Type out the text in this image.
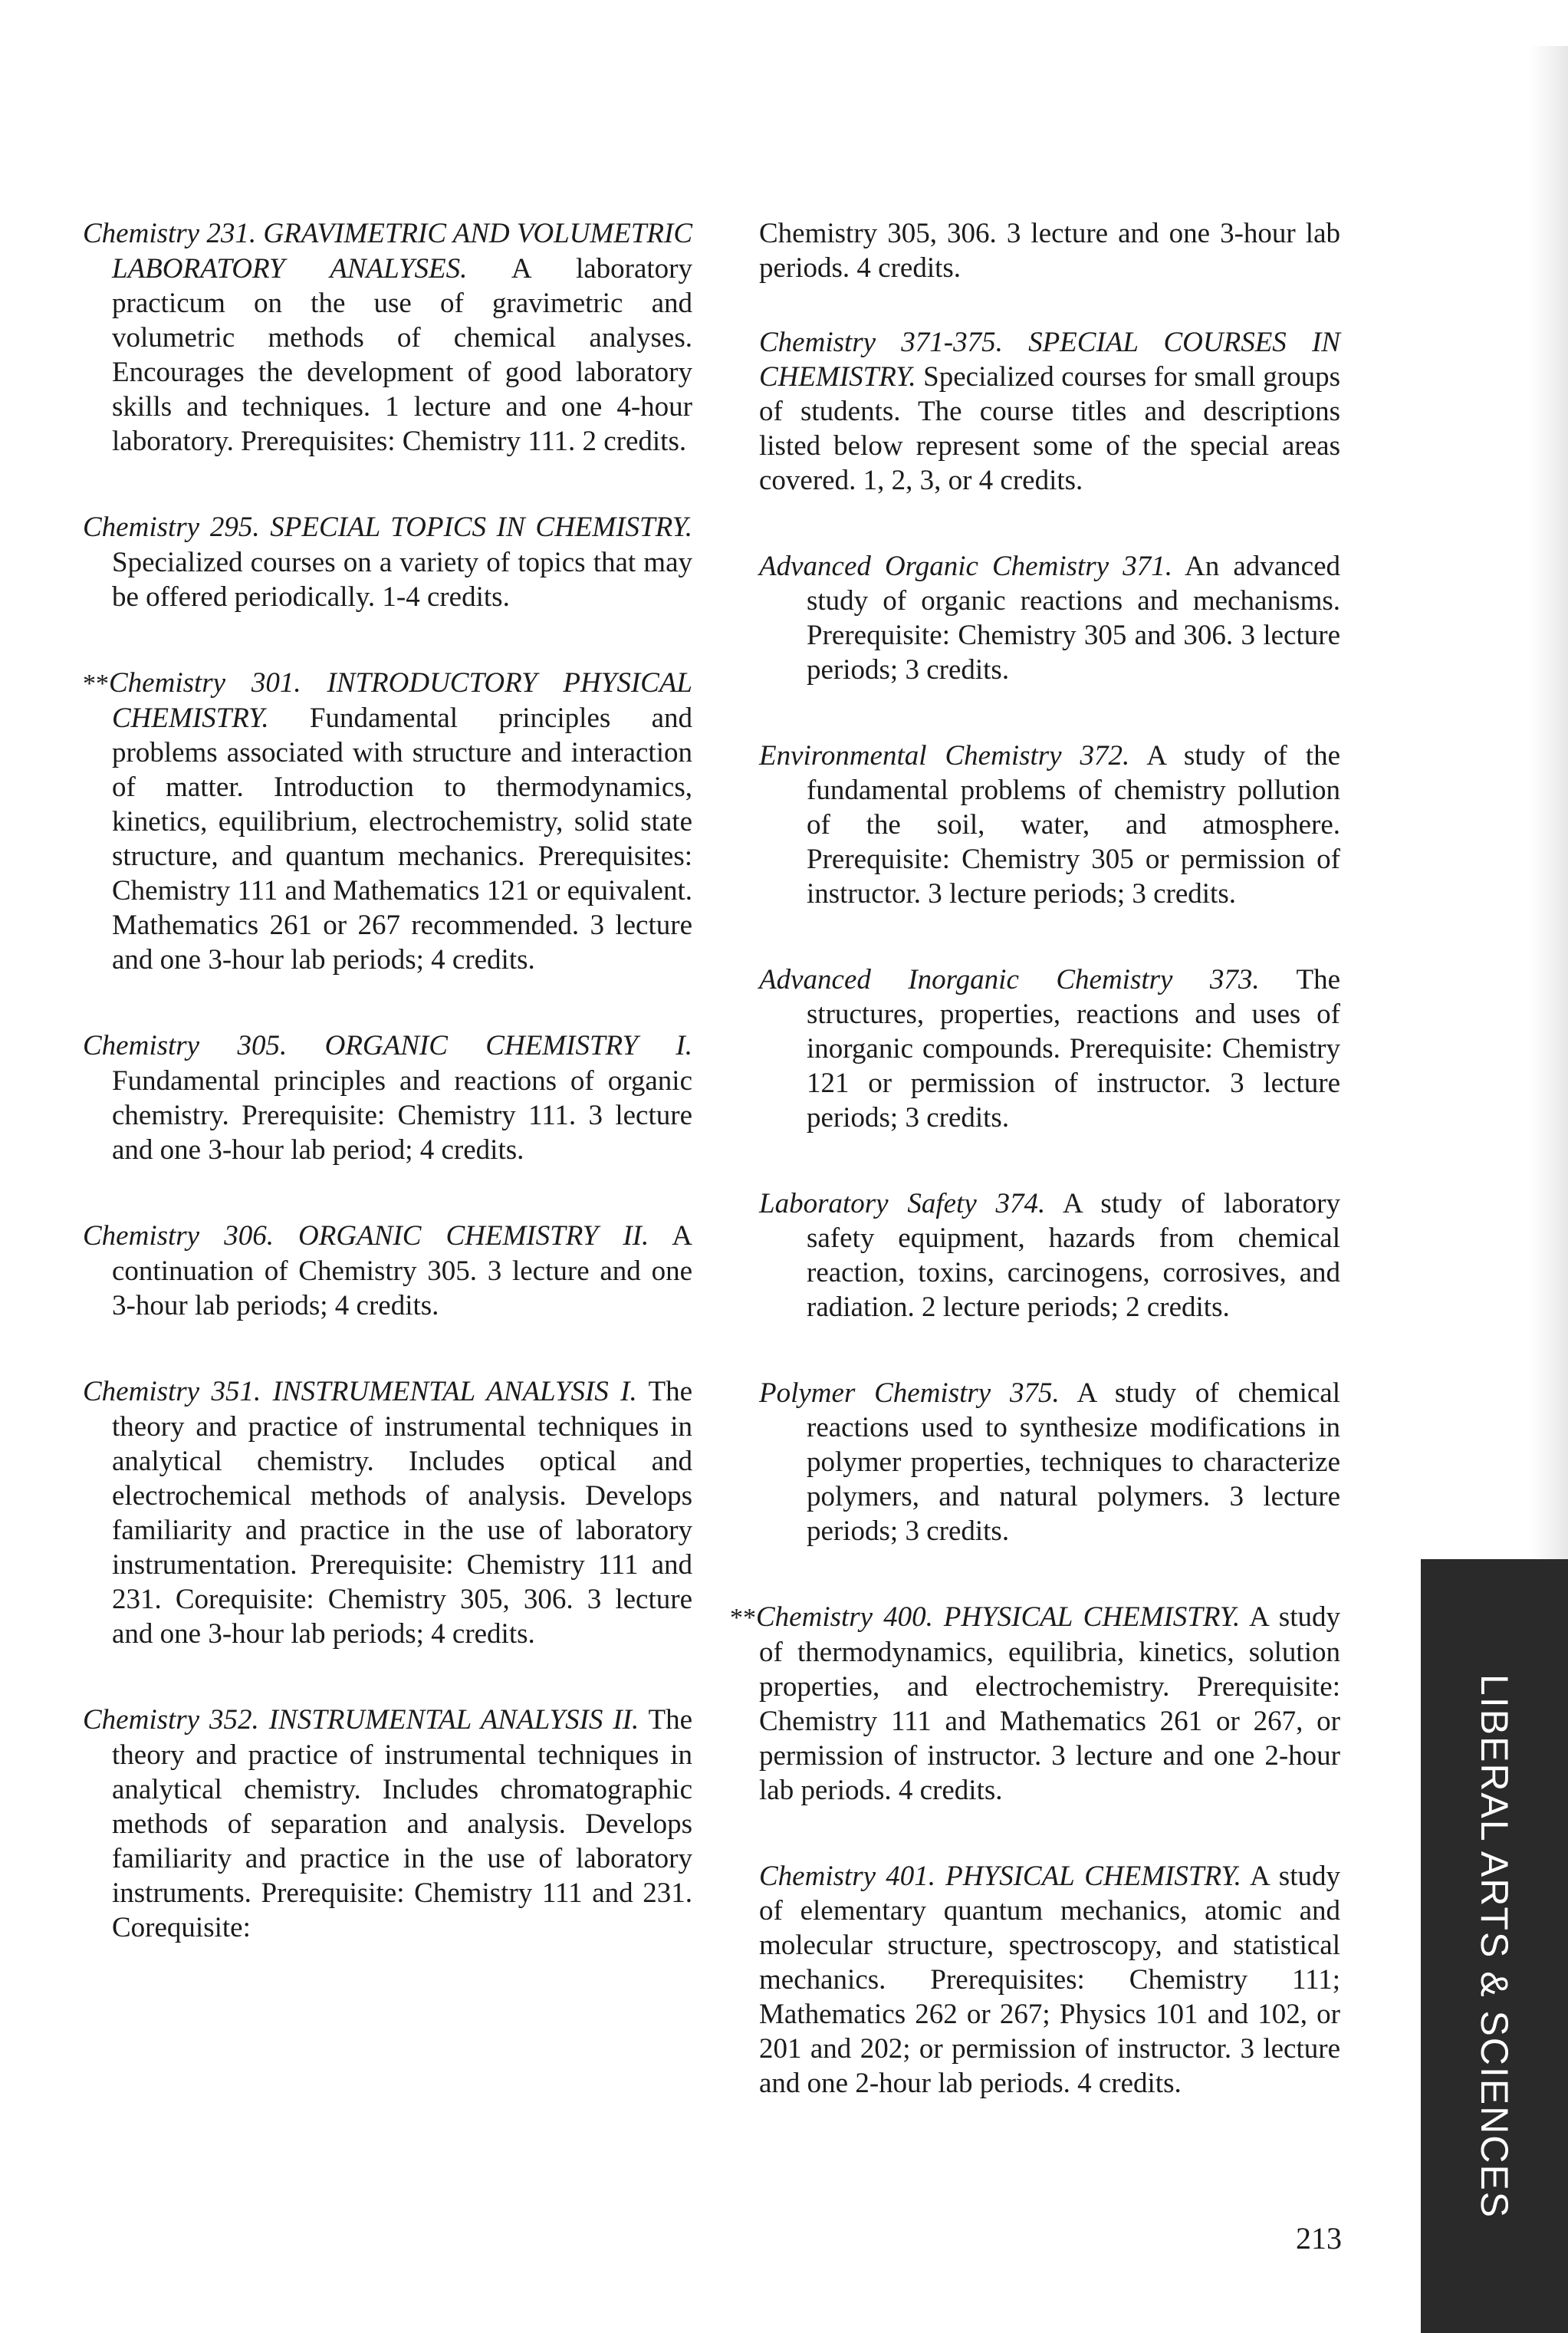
Chemistry 231. GRAVIMETRIC AND VOLUMETRIC LABORATORY ANALYSES. A laboratory practicum on the use of gravimetric and volumetric methods of chemical analyses. Encourages the development of good laboratory skills and techniques. 1 lecture and one 4-hour laboratory. Prerequisites: Chemistry 111. 2 credits.

Chemistry 295. SPECIAL TOPICS IN CHEMISTRY. Specialized courses on a variety of topics that may be offered periodically. 1-4 credits.

**Chemistry 301. INTRODUCTORY PHYSICAL CHEMISTRY. Fundamental principles and problems associated with structure and interaction of matter. Introduction to thermodynamics, kinetics, equilibrium, electrochemistry, solid state structure, and quantum mechanics. Prerequisites: Chemistry 111 and Mathematics 121 or equivalent. Mathematics 261 or 267 recommended. 3 lecture and one 3-hour lab periods; 4 credits.

Chemistry 305. ORGANIC CHEMISTRY I. Fundamental principles and reactions of organic chemistry. Prerequisite: Chemistry 111. 3 lecture and one 3-hour lab period; 4 credits.

Chemistry 306. ORGANIC CHEMISTRY II. A continuation of Chemistry 305. 3 lecture and one 3-hour lab periods; 4 credits.

Chemistry 351. INSTRUMENTAL ANALYSIS I. The theory and practice of instrumental techniques in analytical chemistry. Includes optical and electrochemical methods of analysis. Develops familiarity and practice in the use of laboratory instrumentation. Prerequisite: Chemistry 111 and 231. Corequisite: Chemistry 305, 306. 3 lecture and one 3-hour lab periods; 4 credits.

Chemistry 352. INSTRUMENTAL ANALYSIS II. The theory and practice of instrumental techniques in analytical chemistry. Includes chromatographic methods of separation and analysis. Develops familiarity and practice in the use of laboratory instruments. Prerequisite: Chemistry 111 and 231. Corequisite:

Chemistry 305, 306. 3 lecture and one 3-hour lab periods. 4 credits.

Chemistry 371-375. SPECIAL COURSES IN CHEMISTRY. Specialized courses for small groups of students. The course titles and descriptions listed below represent some of the special areas covered. 1, 2, 3, or 4 credits.

Advanced Organic Chemistry 371. An advanced study of organic reactions and mechanisms. Prerequisite: Chemistry 305 and 306. 3 lecture periods; 3 credits.

Environmental Chemistry 372. A study of the fundamental problems of chemistry pollution of the soil, water, and atmosphere. Prerequisite: Chemistry 305 or permission of instructor. 3 lecture periods; 3 credits.

Advanced Inorganic Chemistry 373. The structures, properties, reactions and uses of inorganic compounds. Prerequisite: Chemistry 121 or permission of instructor. 3 lecture periods; 3 credits.

Laboratory Safety 374. A study of laboratory safety equipment, hazards from chemical reaction, toxins, carcinogens, corrosives, and radiation. 2 lecture periods; 2 credits.

Polymer Chemistry 375. A study of chemical reactions used to synthesize modifications in polymer properties, techniques to characterize polymers, and natural polymers. 3 lecture periods; 3 credits.

**Chemistry 400. PHYSICAL CHEMISTRY. A study of thermodynamics, equilibria, kinetics, solution properties, and electrochemistry. Prerequisite: Chemistry 111 and Mathematics 261 or 267, or permission of instructor. 3 lecture and one 2-hour lab periods. 4 credits.

Chemistry 401. PHYSICAL CHEMISTRY. A study of elementary quantum mechanics, atomic and molecular structure, spectroscopy, and statistical mechanics. Prerequisites: Chemistry 111; Mathematics 262 or 267; Physics 101 and 102, or 201 and 202; or permission of instructor. 3 lecture and one 2-hour lab periods. 4 credits.	LIBERAL ARTS & SCIENCES
213
